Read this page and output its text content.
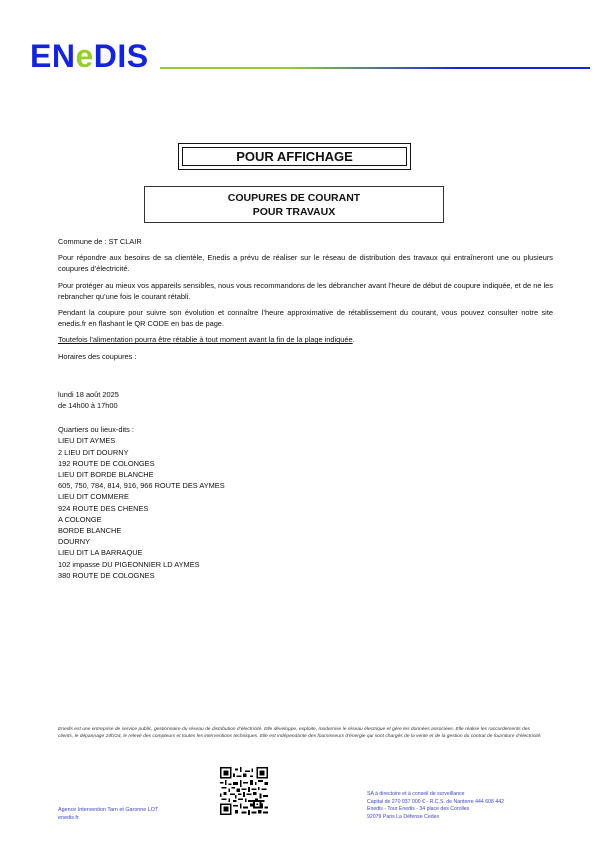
ENeDIS
POUR AFFICHAGE
COUPURES DE COURANT
POUR TRAVAUX

Commune de : ST CLAIR

Pour répondre aux besoins de sa clientèle, Enedis a prévu de réaliser sur le réseau de distribution des travaux qui entraîneront une ou plusieurs coupures d’électricité.

Pour protéger au mieux vos appareils sensibles, nous vous recommandons de les débrancher avant l’heure de début de coupure indiquée, et de ne les rebrancher qu’une fois le courant rétabli.

Pendant la coupure pour suivre son évolution et connaître l’heure approximative de rétablissement du courant, vous pouvez consulter notre site enedis.fr en flashant le QR CODE en bas de page.

Toutefois l’alimentation pourra être rétablie à tout moment avant la fin de la plage indiquée.

Horaires des coupures :

lundi 18 août 2025

de 14h00 à 17h00

Quartiers ou lieux-dits :

LIEU DIT AYMES
2 LIEU DIT DOURNY
192 ROUTE DE COLONGES
LIEU DIT BORDE BLANCHE
605, 750, 784, 814, 916, 966 ROUTE DES AYMES
LIEU DIT COMMERE
924 ROUTE DES CHENES
A COLONGE
BORDE BLANCHE
DOURNY
LIEU DIT LA BARRAQUE
102 impasse DU PIGEONNIER LD AYMES
380 ROUTE DE COLOGNES
Enedis est une entreprise de service public, gestionnaire du réseau de distribution d’électricité. Elle développe, exploite, modernise le réseau électrique et gère les données associées. Elle réalise les raccordements des clients, le dépannage 24h/24, le relevé des compteurs et toutes les interventions techniques. Elle est indépendante des fournisseurs d’énergie qui sont chargés de la vente et de la gestion du contrat de fourniture d’électricité.
Agence Intervention Tarn et Garonne LOT
enedis.fr
SA à directoire et à conseil de surveillance
Capital de 270 037 000 € - R.C.S. de Nanterre 444 608 442
Enedis - Tour Enedis - 34 place des Corolles
92079 Paris La Défense Cedex
